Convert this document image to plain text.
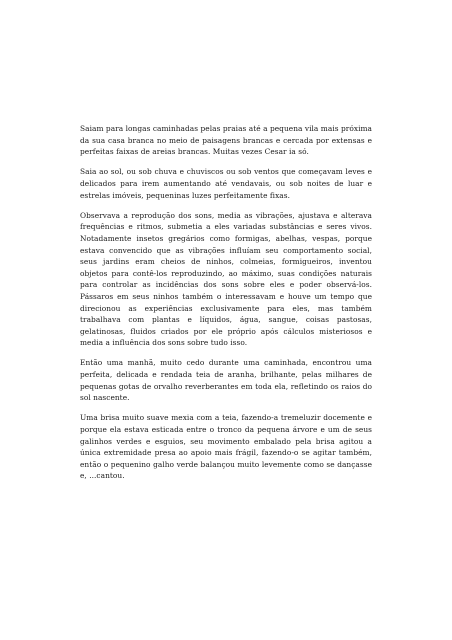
Saiam para longas caminhadas pelas praias até a pequena vila mais próxima da sua casa branca no meio de paisagens brancas e cercada por extensas e perfeitas faixas de areias brancas. Muitas vezes Cesar ia só.

Saia ao sol, ou sob chuva e chuviscos ou sob ventos que começavam leves e delicados para irem aumentando até vendavais, ou sob noites de luar e estrelas imóveis, pequeninas luzes perfeitamente fixas.

Observava a reprodução dos sons, media as vibrações, ajustava e alterava frequências e ritmos, submetia a eles variadas substâncias e seres vivos. Notadamente insetos gregários como formigas, abelhas, vespas, porque estava convencido que as vibrações influíam seu comportamento social, seus jardins eram cheios de ninhos, colmeias, formigueiros, inventou objetos para contê-los reproduzindo, ao máximo, suas condições naturais para controlar as incidências dos sons sobre eles e poder observá-los. Pássaros em seus ninhos também o interessavam e houve um tempo que direcionou as experiências exclusivamente para eles, mas também trabalhava com plantas e líquidos, água, sangue, coisas pastosas, gelatinosas, fluidos criados por ele próprio após cálculos misteriosos e media a influência dos sons sobre tudo isso.

Então uma manhã, muito cedo durante uma caminhada, encontrou uma perfeita, delicada e rendada teia de aranha, brilhante, pelas milhares de pequenas gotas de orvalho reverberantes em toda ela, refletindo os raios do sol nascente.

Uma brisa muito suave mexia com a teia, fazendo-a tremeluzir docemente e porque ela estava esticada entre o tronco da pequena árvore e um de seus galinhos verdes e esguios, seu movimento embalado pela brisa agitou a única extremidade presa ao apoio mais frágil, fazendo-o se agitar também, então o pequenino galho verde balançou muito levemente como se dançasse e, ...cantou.
